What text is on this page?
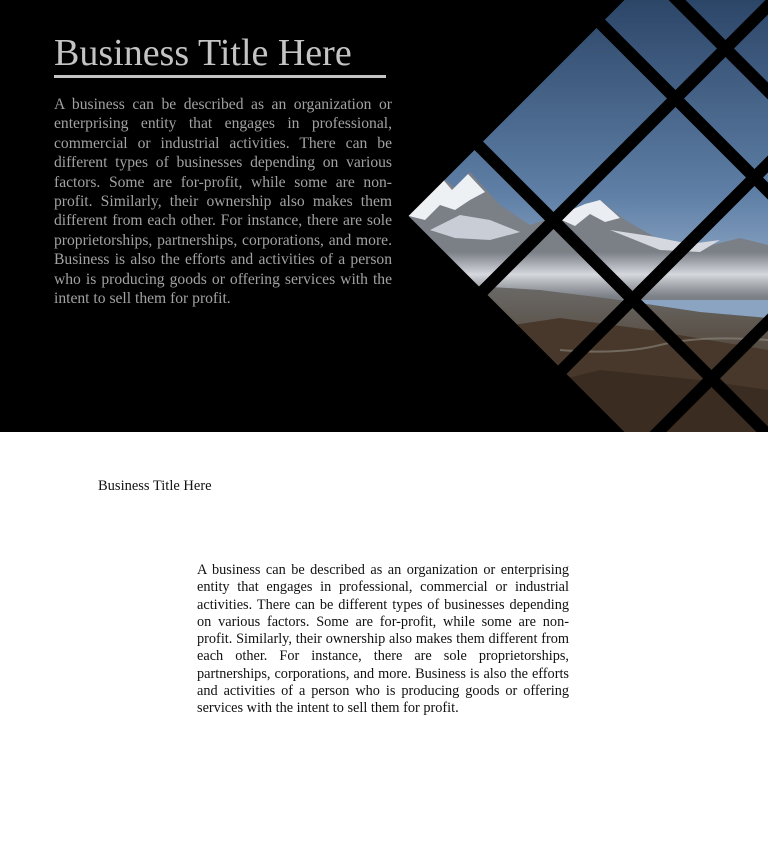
Business Title Here

A business can be described as an organization or enterprising entity that engages in professional, commercial or industrial activities. There can be different types of businesses depending on various factors. Some are for-profit, while some are non-profit. Similarly, their ownership also makes them different from each other. For instance, there are sole proprietorships, partnerships, corporations, and more. Business is also the efforts and activities of a person who is producing goods or offering services with the intent to sell them for profit.

Business Title Here

A business can be described as an organization or enterprising entity that engages in professional, commercial or industrial activities. There can be different types of businesses depending on various factors. Some are for-profit, while some are non-profit. Similarly, their ownership also makes them different from each other. For instance, there are sole proprietorships, partnerships, corporations, and more. Business is also the efforts and activities of a person who is producing goods or offering services with the intent to sell them for profit.
